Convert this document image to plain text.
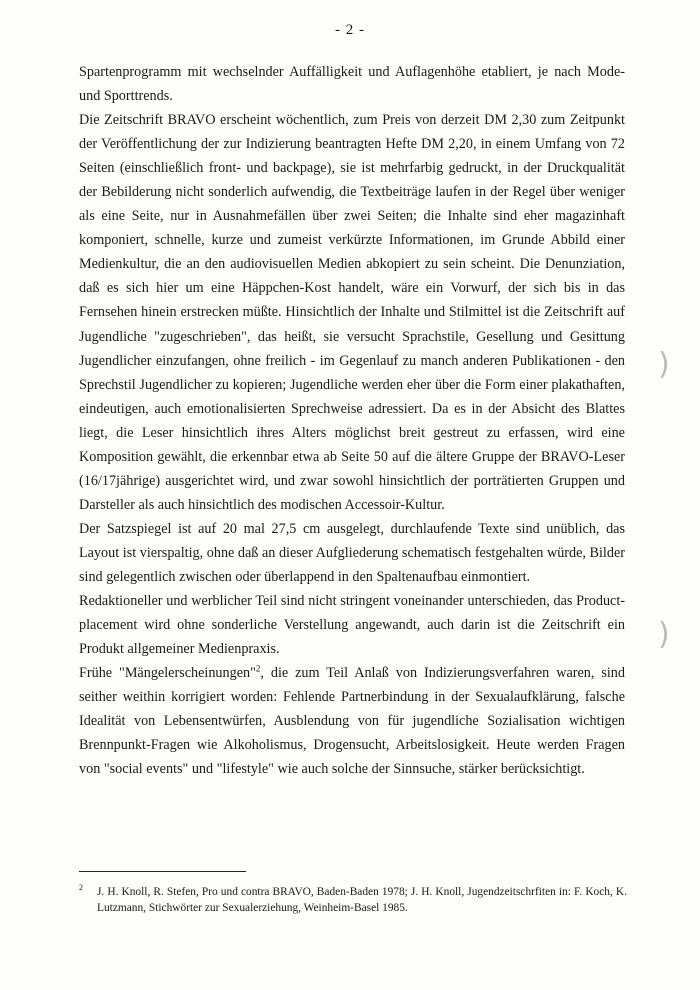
- 2 -

Spartenprogramm mit wechselnder Auffälligkeit und Auflagenhöhe etabliert, je nach Mode- und Sporttrends.

Die Zeitschrift BRAVO erscheint wöchentlich, zum Preis von derzeit DM 2,30 zum Zeitpunkt der Veröffentlichung der zur Indizierung beantragten Hefte DM 2,20, in einem Umfang von 72 Seiten (einschließlich front- und backpage), sie ist mehrfarbig gedruckt, in der Druckqualität der Bebilderung nicht sonderlich aufwendig, die Textbeiträge laufen in der Regel über weniger als eine Seite, nur in Ausnahmefällen über zwei Seiten; die Inhalte sind eher magazinhaft komponiert, schnelle, kurze und zumeist verkürzte Informationen, im Grunde Abbild einer Medienkultur, die an den audiovisuellen Medien abkopiert zu sein scheint. Die Denunziation, daß es sich hier um eine Häppchen-Kost handelt, wäre ein Vorwurf, der sich bis in das Fernsehen hinein erstrecken müßte. Hinsichtlich der Inhalte und Stilmittel ist die Zeitschrift auf Jugendliche "zugeschrieben", das heißt, sie versucht Sprachstile, Gesellung und Gesittung Jugendlicher einzufangen, ohne freilich - im Gegenlauf zu manch anderen Publikationen - den Sprechstil Jugendlicher zu kopieren; Jugendliche werden eher über die Form einer plakathaften, eindeutigen, auch emotionalisierten Sprechweise adressiert. Da es in der Absicht des Blattes liegt, die Leser hinsichtlich ihres Alters möglichst breit gestreut zu erfassen, wird eine Komposition gewählt, die erkennbar etwa ab Seite 50 auf die ältere Gruppe der BRAVO-Leser (16/17jährige) ausgerichtet wird, und zwar sowohl hinsichtlich der porträtierten Gruppen und Darsteller als auch hinsichtlich des modischen Accessoir-Kultur.

Der Satzspiegel ist auf 20 mal 27,5 cm ausgelegt, durchlaufende Texte sind unüblich, das Layout ist vierspaltig, ohne daß an dieser Aufgliederung schematisch festgehalten würde, Bilder sind gelegentlich zwischen oder überlappend in den Spaltenaufbau einmontiert.

Redaktioneller und werblicher Teil sind nicht stringent voneinander unterschieden, das Product-placement wird ohne sonderliche Verstellung angewandt, auch darin ist die Zeitschrift ein Produkt allgemeiner Medienpraxis.

Frühe "Mängelerscheinungen"$^2$, die zum Teil Anlaß von Indizierungsverfahren waren, sind seither weithin korrigiert worden: Fehlende Partnerbindung in der Sexualaufklärung, falsche Idealität von Lebensentwürfen, Ausblendung von für jugendliche Sozialisation wichtigen Brennpunkt-Fragen wie Alkoholismus, Drogensucht, Arbeitslosigkeit. Heute werden Fragen von "social events" und "lifestyle" wie auch solche der Sinnsuche, stärker berücksichtigt.

2 J. H. Knoll, R. Stefen, Pro und contra BRAVO, Baden-Baden 1978; J. H. Knoll, Jugendzeitschrfiten in: F. Koch, K. Lutzmann, Stichwörter zur Sexualerziehung, Weinheim-Basel 1985.
)
)
